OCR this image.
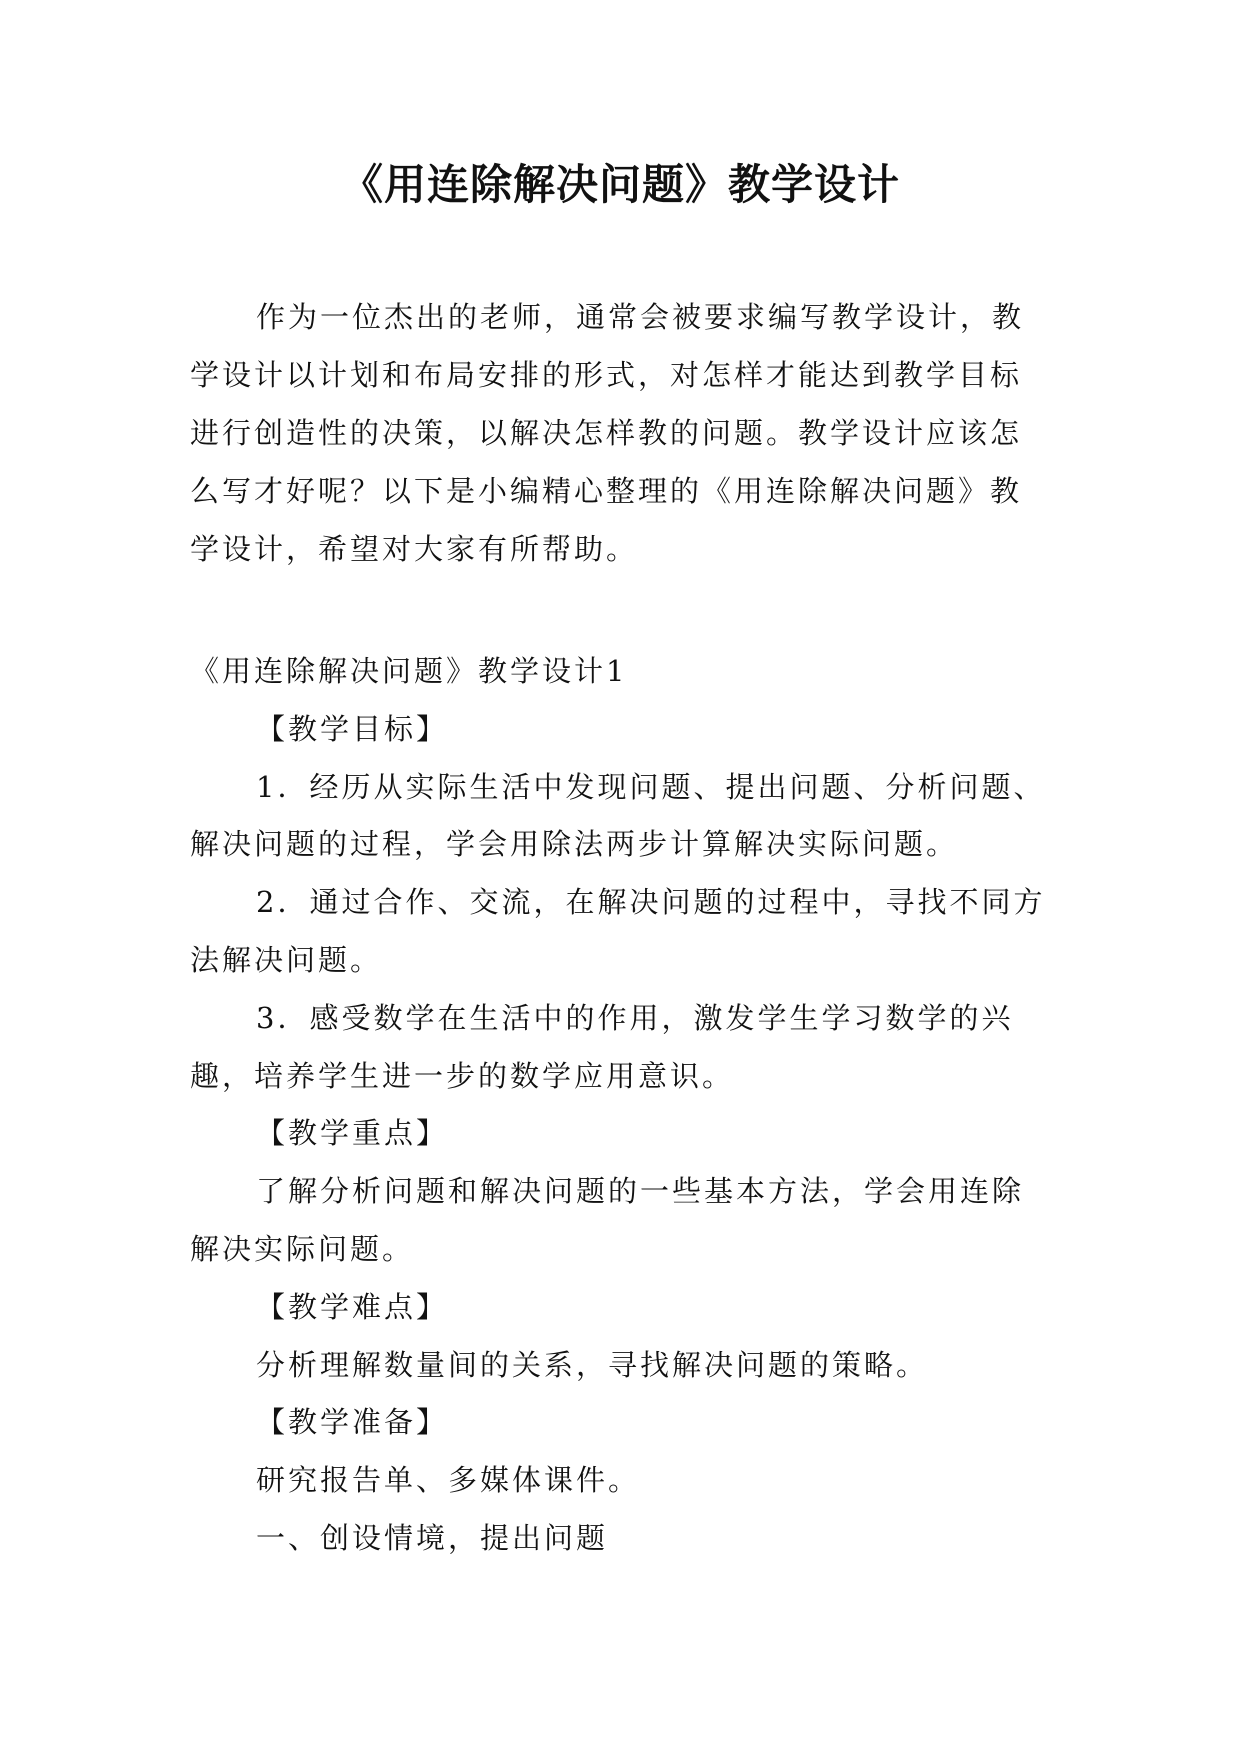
《用连除解决问题》教学设计

作为一位杰出的老师，通常会被要求编写教学设计，教学设计以计划和布局安排的形式，对怎样才能达到教学目标进行创造性的决策，以解决怎样教的问题。教学设计应该怎么写才好呢？以下是小编精心整理的《用连除解决问题》教学设计，希望对大家有所帮助。

《用连除解决问题》教学设计1

【教学目标】

1．经历从实际生活中发现问题、提出问题、分析问题、解决问题的过程，学会用除法两步计算解决实际问题。

2．通过合作、交流，在解决问题的过程中，寻找不同方法解决问题。

3．感受数学在生活中的作用，激发学生学习数学的兴趣，培养学生进一步的数学应用意识。

【教学重点】

了解分析问题和解决问题的一些基本方法，学会用连除解决实际问题。

【教学难点】

分析理解数量间的关系，寻找解决问题的策略。

【教学准备】

研究报告单、多媒体课件。

一、创设情境，提出问题
